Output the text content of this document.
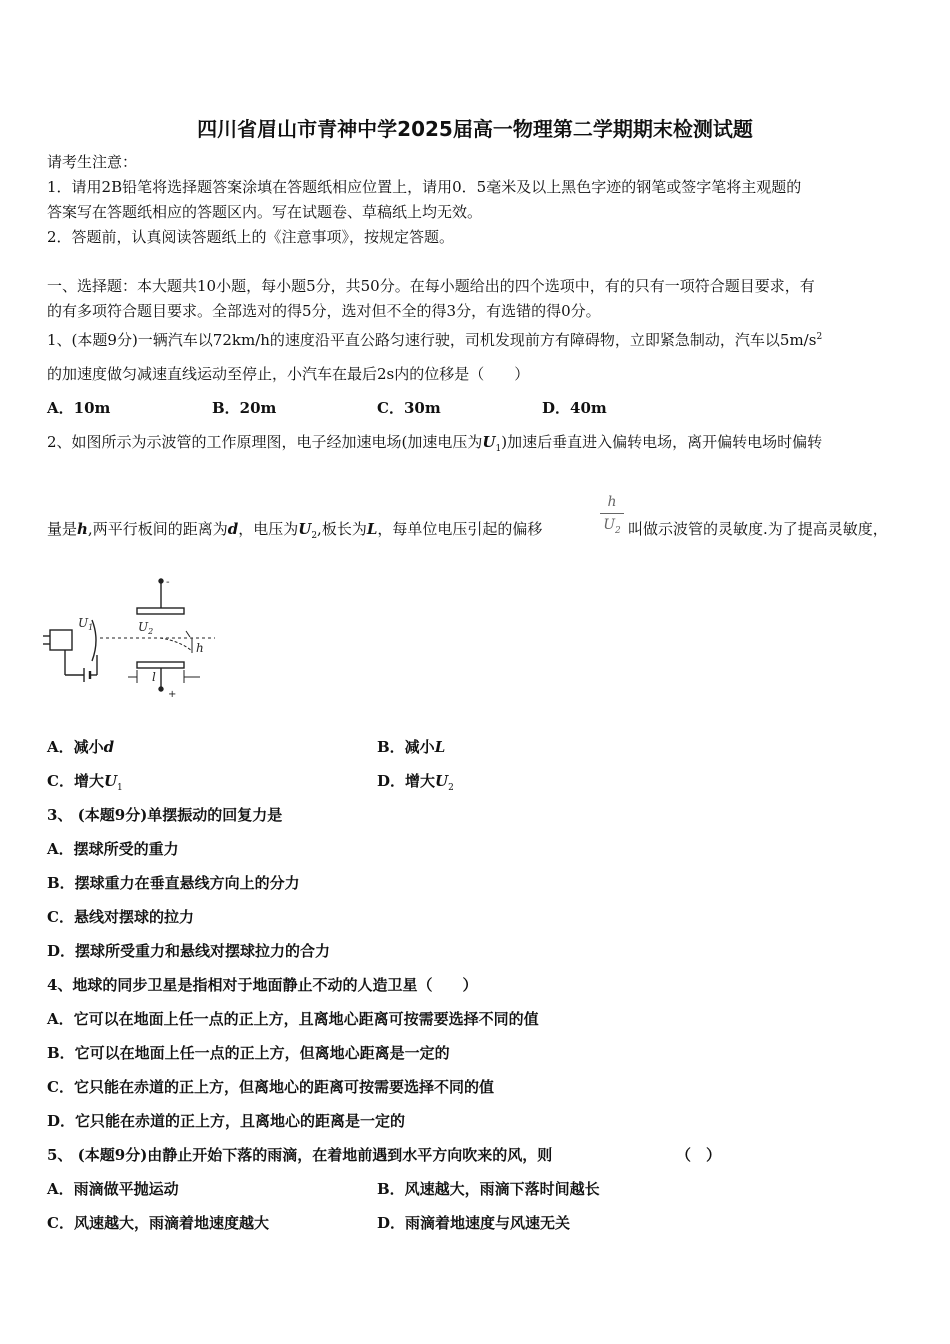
四川省眉山市青神中学2025届高一物理第二学期期末检测试题
请考生注意：
1．请用2B铅笔将选择题答案涂填在答题纸相应位置上，请用0．5毫米及以上黑色字迹的钢笔或签字笔将主观题的
答案写在答题纸相应的答题区内。写在试题卷、草稿纸上均无效。
2．答题前，认真阅读答题纸上的《注意事项》，按规定答题。
一、选择题：本大题共10小题，每小题5分，共50分。在每小题给出的四个选项中，有的只有一项符合题目要求，有
的有多项符合题目要求。全部选对的得5分，选对但不全的得3分，有选错的得0分。
1、(本题9分)一辆汽车以72km/h的速度沿平直公路匀速行驶，司机发现前方有障碍物，立即紧急制动，汽车以$5m/s^2$
的加速度做匀减速直线运动至停止，小汽车在最后2s内的位移是（　　）
A．10m	B．20m	C．30m	D．40m
2、如图所示为示波管的工作原理图，电子经加速电场(加速电压为$U_1$)加速后垂直进入偏转电场，离开偏转电场时偏转
h
$U_2$
量是h,两平行板间的距离为d，电压为$U_2$,板长为L，每单位电压引起的偏移	叫做示波管的灵敏度.为了提高灵敏度，
$U_1$	$U_2$
h
l
+
-
A．减小d	B．减小L
C．增大$U_1$	D．增大$U_2$
3、 (本题9分)单摆振动的回复力是
A．摆球所受的重力
B．摆球重力在垂直悬线方向上的分力
C．悬线对摆球的拉力
D．摆球所受重力和悬线对摆球拉力的合力
4、地球的同步卫星是指相对于地面静止不动的人造卫星（　　）
A．它可以在地面上任一点的正上方，且离地心距离可按需要选择不同的值
B．它可以在地面上任一点的正上方，但离地心距离是一定的
C．它只能在赤道的正上方，但离地心的距离可按需要选择不同的值
D．它只能在赤道的正上方，且离地心的距离是一定的
5、 (本题9分)由静止开始下落的雨滴，在着地前遇到水平方向吹来的风，则	（　）
A．雨滴做平抛运动	B．风速越大，雨滴下落时间越长
C．风速越大，雨滴着地速度越大	D．雨滴着地速度与风速无关
